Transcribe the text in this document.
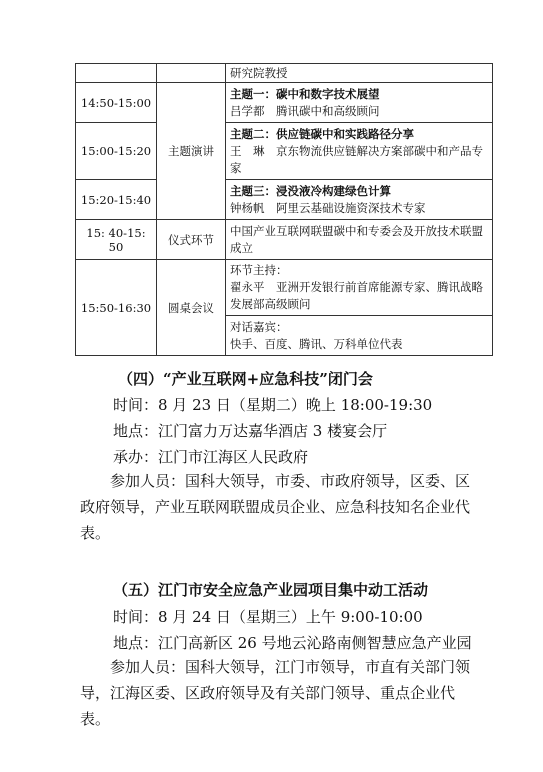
		研究院教授
14:50-15:00	主题演讲	主题一：碳中和数字技术展望
吕学都　腾讯碳中和高级顾问

15:00-15:20		主题二：供应链碳中和实践路径分享
王　琳　京东物流供应链解决方案部碳中和产品专家

15:20-15:40		主题三：浸没液冷构建绿色计算
钟杨帆　阿里云基础设施资深技术专家

15: 40-15: 50	仪式环节	中国产业互联网联盟碳中和专委会及开放技术联盟成立
15:50-16:30	圆桌会议	环节主持：
翟永平　亚洲开发银行前首席能源专家、腾讯战略发展部高级顾问

		对话嘉宾：
快手、百度、腾讯、万科单位代表
（四）“产业互联网+应急科技”闭门会
时间：8 月 23 日（星期二）晚上 18:00-19:30
地点：江门富力万达嘉华酒店 3 楼宴会厅
承办：江门市江海区人民政府

参加人员：国科大领导，市委、市政府领导，区委、区政府领导，产业互联网联盟成员企业、应急科技知名企业代表。

（五）江门市安全应急产业园项目集中动工活动
时间：8 月 24 日（星期三）上午 9:00-10:00
地点：江门高新区 26 号地云沁路南侧智慧应急产业园

参加人员：国科大领导，江门市领导，市直有关部门领导，江海区委、区政府领导及有关部门领导、重点企业代表。
